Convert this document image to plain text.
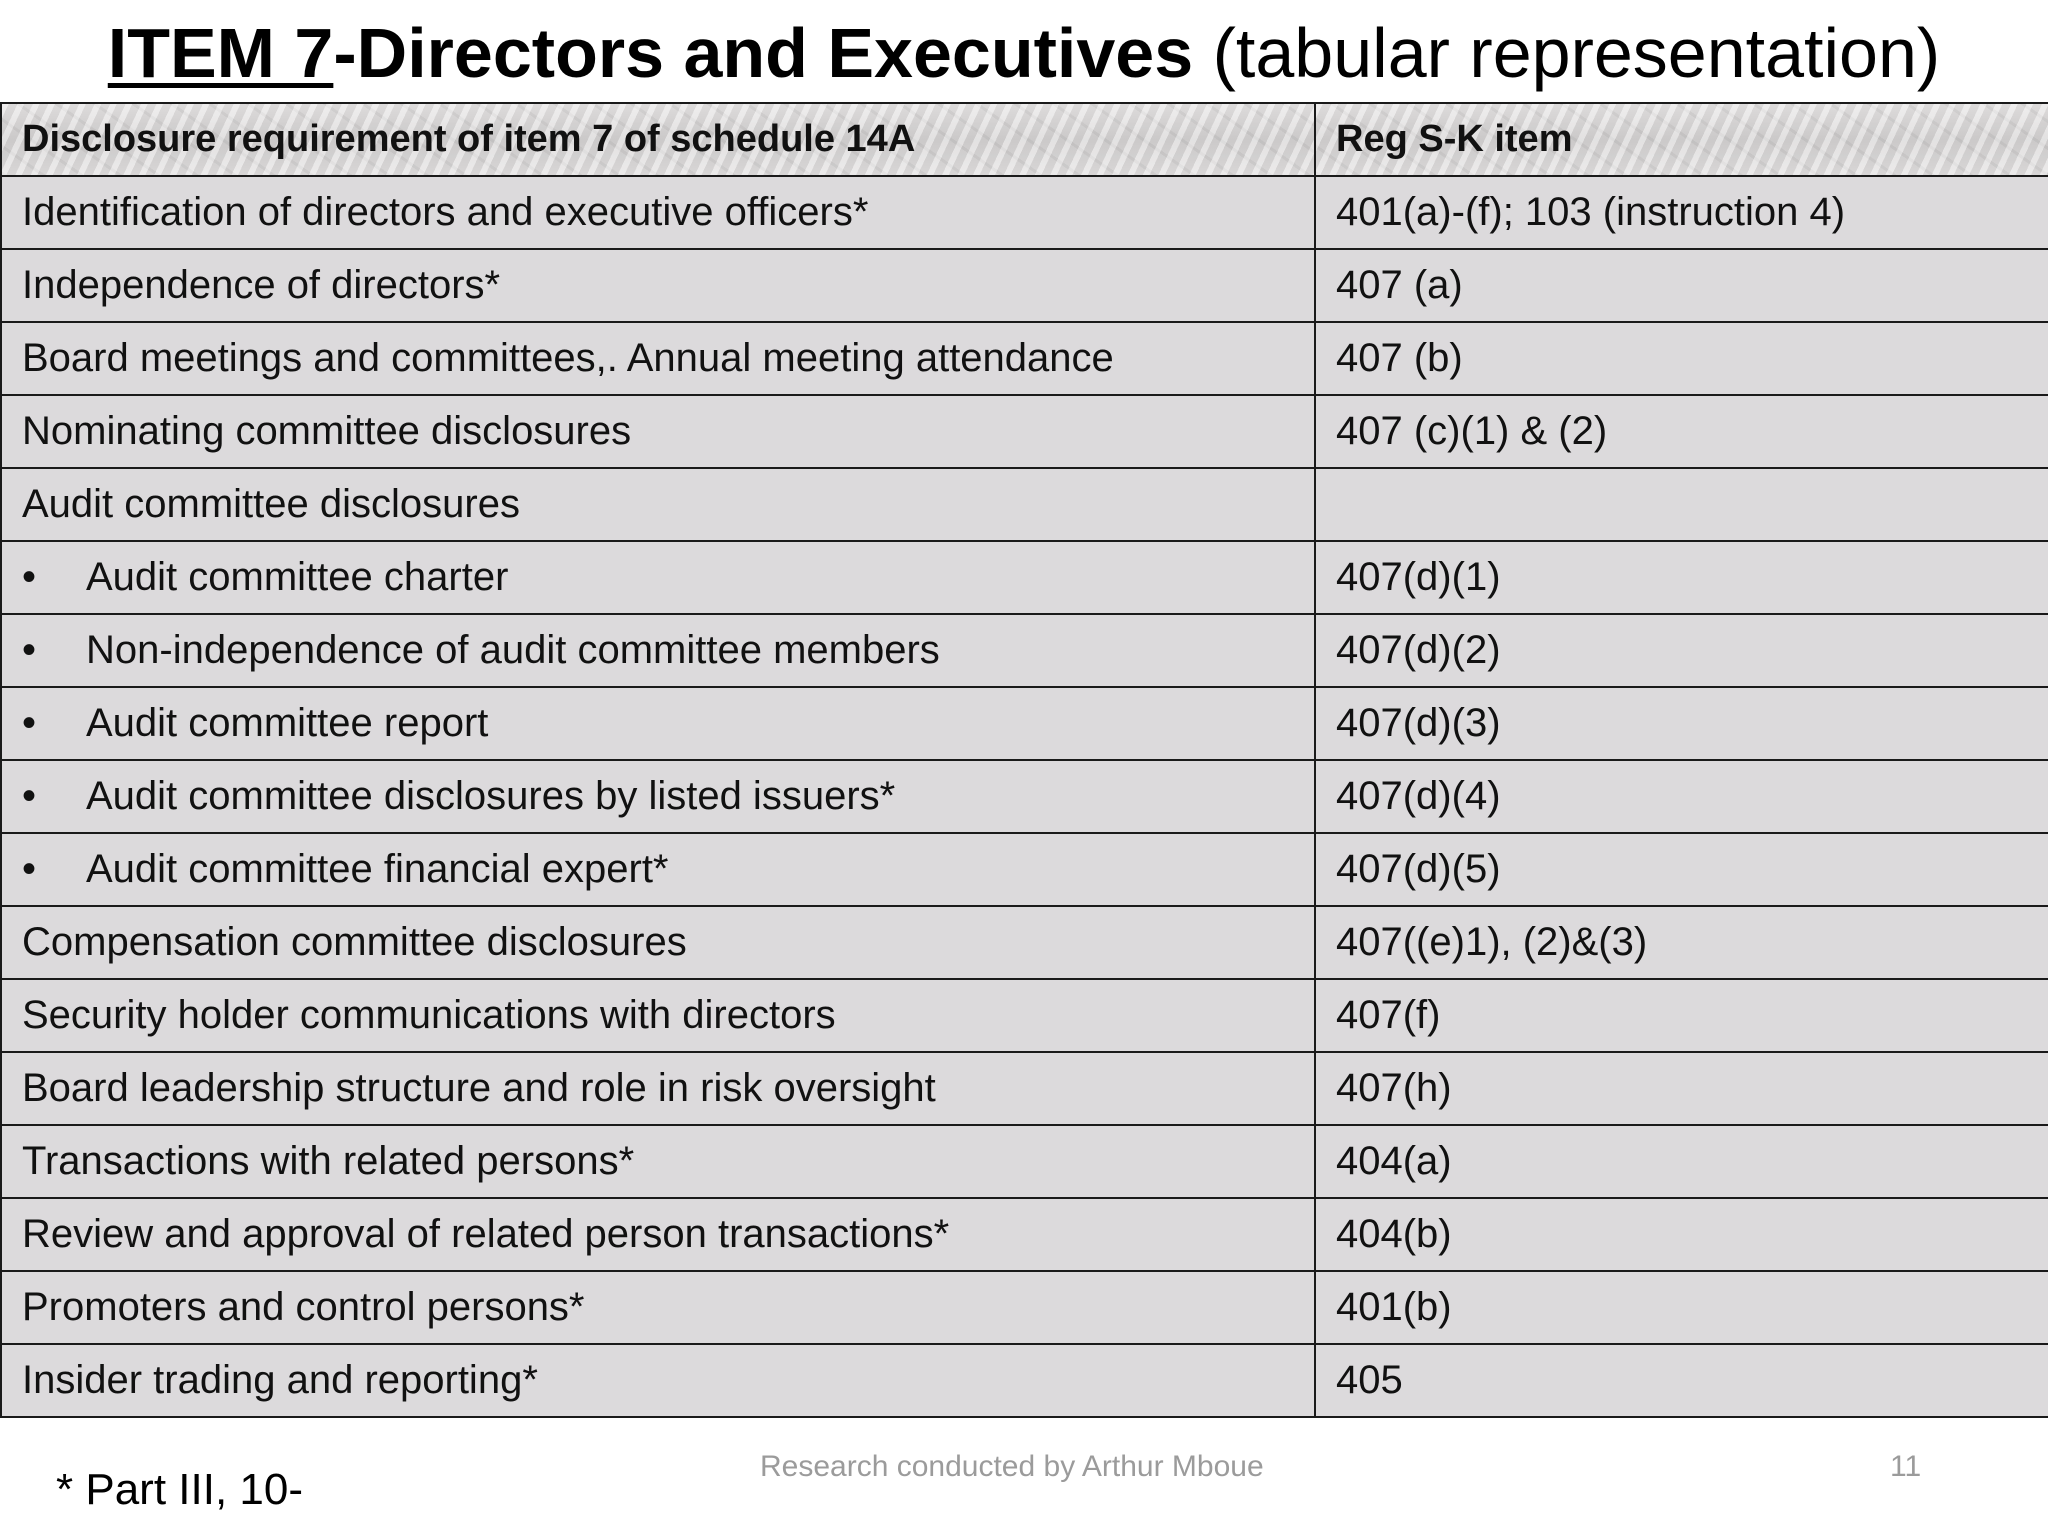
ITEM 7-Directors and Executives (tabular representation)
Disclosure requirement of item 7 of schedule 14A	Reg S-K item
Identification of directors and executive officers*	401(a)-(f); 103 (instruction 4)
Independence of directors*	407 (a)
Board meetings and committees,. Annual meeting attendance	407 (b)
Nominating committee disclosures	407 (c)(1) & (2)
Audit committee disclosures	
• Audit committee charter	407(d)(1)
• Non-independence of audit committee members	407(d)(2)
• Audit committee report	407(d)(3)
• Audit committee disclosures by listed issuers*	407(d)(4)
• Audit committee financial expert*	407(d)(5)
Compensation committee disclosures	407((e)1), (2)&(3)
Security holder communications with directors	407(f)
Board leadership structure and role in risk oversight	407(h)
Transactions with related persons*	404(a)
Review and approval of related person transactions*	404(b)
Promoters and control persons*	401(b)
Insider trading and reporting*	405
* Part III, 10-	Research conducted by Arthur Mboue	11
